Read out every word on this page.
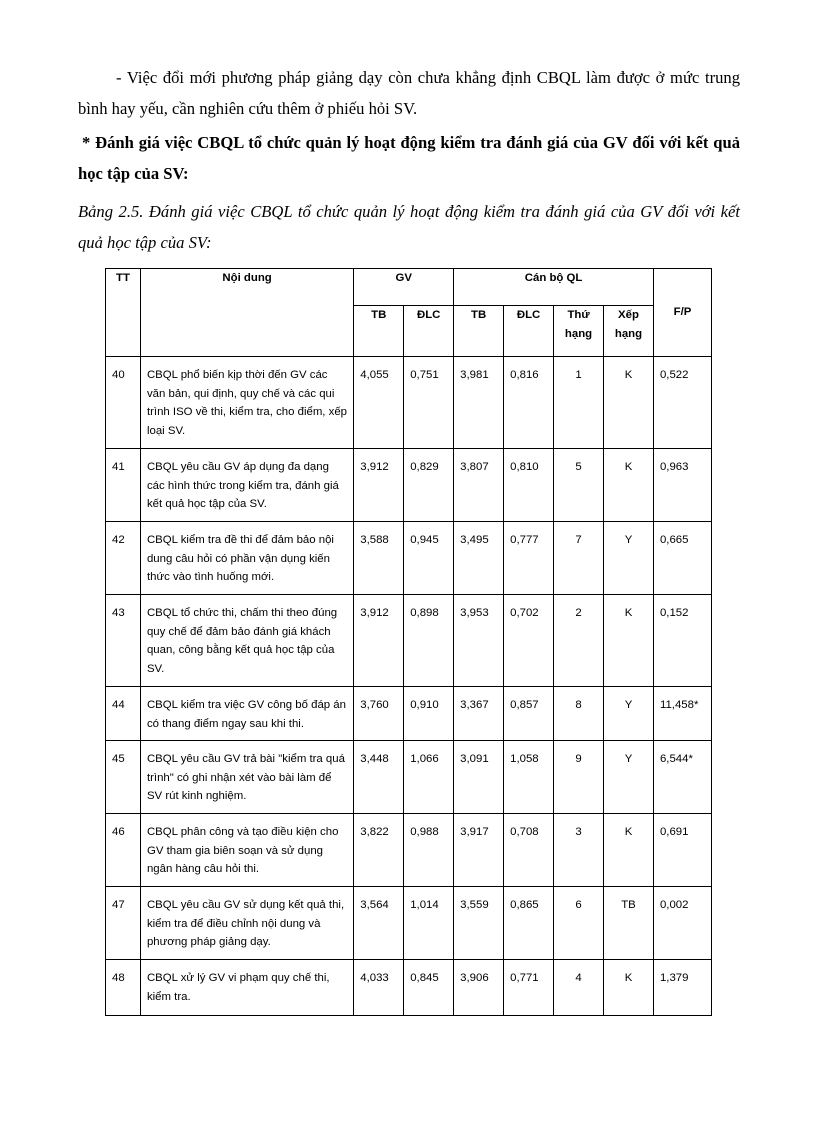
- Việc đổi mới phương pháp giảng dạy còn chưa khẳng định CBQL làm được ở mức trung bình hay yếu, cần nghiên cứu thêm ở phiếu hỏi SV.
* Đánh giá việc CBQL tổ chức quản lý hoạt động kiểm tra đánh giá của GV đối với kết quả học tập của SV:
Bảng 2.5. Đánh giá việc CBQL tổ chức quản lý hoạt động kiểm tra đánh giá của GV đối với kết quả học tập của SV:
TT	Nội dung	GV		Cán bộ QL				F/P
		TB	ĐLC	TB	ĐLC	Thứ hạng	Xếp hạng	
40	CBQL phổ biến kịp thời đến GV các văn bản, qui định, quy chế và các qui trình ISO về thi, kiểm tra, cho điểm, xếp loại SV.	4,055	0,751	3,981	0,816	1	K	0,522
41	CBQL yêu cầu GV áp dụng đa dạng các hình thức trong kiểm tra, đánh giá kết quả học tập của SV.	3,912	0,829	3,807	0,810	5	K	0,963
42	CBQL kiểm tra đề thi để đảm bảo nội dung câu hỏi có phần vận dụng kiến thức vào tình huống mới.	3,588	0,945	3,495	0,777	7	Y	0,665
43	CBQL tổ chức thi, chấm thi theo đúng quy chế để đảm bảo đánh giá khách quan, công bằng kết quả học tập của SV.	3,912	0,898	3,953	0,702	2	K	0,152
44	CBQL kiểm tra việc GV công bố đáp án có thang điểm ngay sau khi thi.	3,760	0,910	3,367	0,857	8	Y	11,458*
45	CBQL yêu cầu GV trả bài "kiểm tra quá trình" có ghi nhận xét vào bài làm để SV rút kinh nghiệm.	3,448	1,066	3,091	1,058	9	Y	6,544*
46	CBQL phân công và tạo điều kiện cho GV tham gia biên soạn và sử dụng ngân hàng câu hỏi thi.	3,822	0,988	3,917	0,708	3	K	0,691
47	CBQL yêu cầu GV sử dụng kết quả thi, kiểm tra để điều chỉnh nội dung và phương pháp giảng dạy.	3,564	1,014	3,559	0,865	6	TB	0,002
48	CBQL xử lý GV vi phạm quy chế thi, kiểm tra.	4,033	0,845	3,906	0,771	4	K	1,379
